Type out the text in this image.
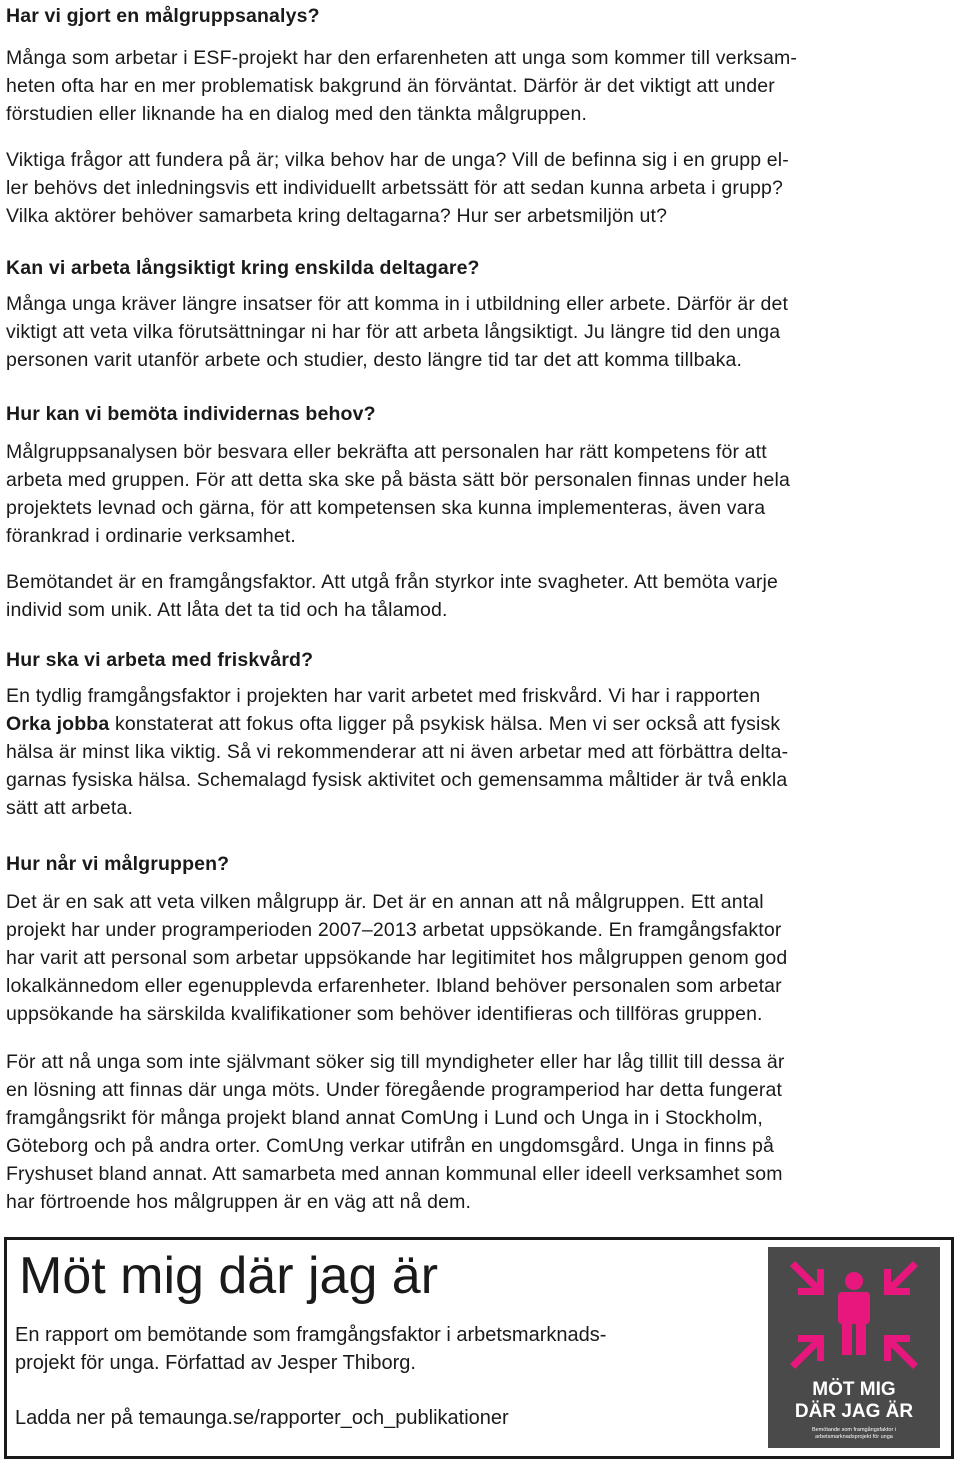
Har vi gjort en målgruppsanalys?
Många som arbetar i ESF-projekt har den erfarenheten att unga som kommer till verksam-
heten ofta har en mer problematisk bakgrund än förväntat. Därför är det viktigt att under
förstudien eller liknande ha en dialog med den tänkta målgruppen.
Viktiga frågor att fundera på är; vilka behov har de unga? Vill de befinna sig i en grupp el-
ler behövs det inledningsvis ett individuellt arbetssätt för att sedan kunna arbeta i grupp?
Vilka aktörer behöver samarbeta kring deltagarna? Hur ser arbetsmiljön ut?
Kan vi arbeta långsiktigt kring enskilda deltagare?
Många unga kräver längre insatser för att komma in i utbildning eller arbete. Därför är det
viktigt att veta vilka förutsättningar ni har för att arbeta långsiktigt. Ju längre tid den unga
personen varit utanför arbete och studier, desto längre tid tar det att komma tillbaka.
Hur kan vi bemöta individernas behov?
Målgruppsanalysen bör besvara eller bekräfta att personalen har rätt kompetens för att
arbeta med gruppen. För att detta ska ske på bästa sätt bör personalen finnas under hela
projektets levnad och gärna, för att kompetensen ska kunna implementeras, även vara
förankrad i ordinarie verksamhet.
Bemötandet är en framgångsfaktor. Att utgå från styrkor inte svagheter. Att bemöta varje
individ som unik. Att låta det ta tid och ha tålamod.
Hur ska vi arbeta med friskvård?
En tydlig framgångsfaktor i projekten har varit arbetet med friskvård. Vi har i rapporten
Orka jobba konstaterat att fokus ofta ligger på psykisk hälsa. Men vi ser också att fysisk
hälsa är minst lika viktig. Så vi rekommenderar att ni även arbetar med att förbättra delta-
garnas fysiska hälsa. Schemalagd fysisk aktivitet och gemensamma måltider är två enkla
sätt att arbeta.
Hur når vi målgruppen?
Det är en sak att veta vilken målgrupp är. Det är en annan att nå målgruppen. Ett antal
projekt har under programperioden 2007–2013 arbetat uppsökande. En framgångsfaktor
har varit att personal som arbetar uppsökande har legitimitet hos målgruppen genom god
lokalkännedom eller egenupplevda erfarenheter. Ibland behöver personalen som arbetar
uppsökande ha särskilda kvalifikationer som behöver identifieras och tillföras gruppen.
För att nå unga som inte självmant söker sig till myndigheter eller har låg tillit till dessa är
en lösning att finnas där unga möts. Under föregående programperiod har detta fungerat
framgångsrikt för många projekt bland annat ComUng i Lund och Unga in i Stockholm,
Göteborg och på andra orter. ComUng verkar utifrån en ungdomsgård. Unga in finns på
Fryshuset bland annat. Att samarbeta med annan kommunal eller ideell verksamhet som
har förtroende hos målgruppen är en väg att nå dem.
Möt mig där jag är
En rapport om bemötande som framgångsfaktor i arbetsmarknads-
projekt för unga. Författad av Jesper Thiborg.
Ladda ner på temaunga.se/rapporter_och_publikationer
MÖT MIG
DÄR JAG ÄR
Bemötande som framgångsfaktor i
arbetsmarknadsprojekt för unga
